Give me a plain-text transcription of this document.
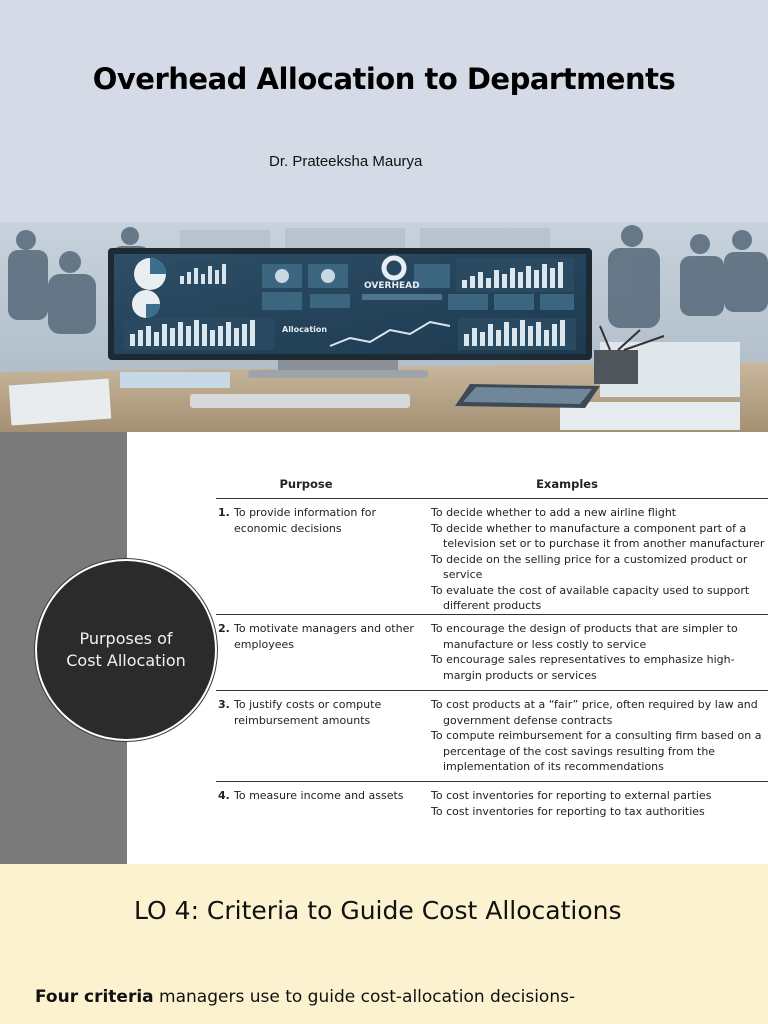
Overhead Allocation to Departments
Dr. Prateeksha Maurya
OVERHEAD
Allocation
Purposes of Cost Allocation
Purpose	Examples
1. To provide information for economic decisions
To decide whether to add a new airline flight
To decide whether to manufacture a component part of a television set or to purchase it from another manufacturer
To decide on the selling price for a customized product or service
To evaluate the cost of available capacity used to support different products
2. To motivate managers and other employees
To encourage the design of products that are simpler to manufacture or less costly to service
To encourage sales representatives to emphasize high-margin products or services
3. To justify costs or compute reimbursement amounts
To cost products at a “fair” price, often required by law and government defense contracts
To compute reimbursement for a consulting firm based on a percentage of the cost savings resulting from the implementation of its recommendations
4. To measure income and assets	To cost inventories for reporting to external parties
To cost inventories for reporting to tax authorities
LO 4: Criteria to Guide Cost Allocations
Four criteria managers use to guide cost-allocation decisions-
